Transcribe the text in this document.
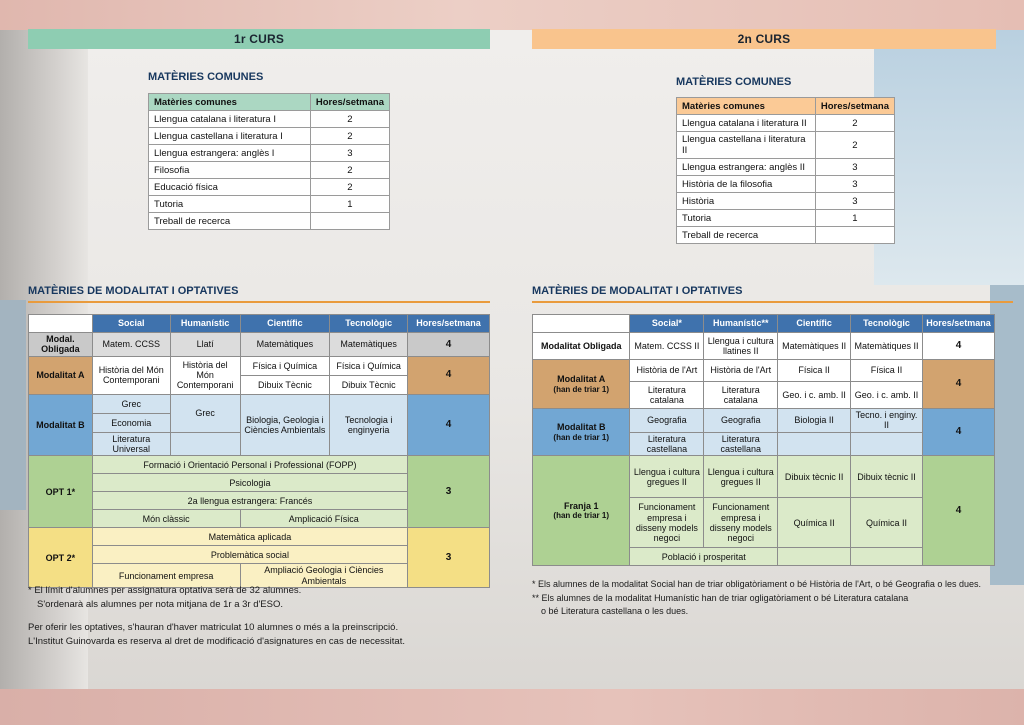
1r CURS	2n CURS
MATÈRIES COMUNES
Matèries comunes	Hores/setmana
Llengua catalana i literatura I	2
Llengua castellana i literatura I	2
Llengua estrangera: anglès I	3
Filosofia	2
Educació física	2
Tutoria	1
Treball de recerca	
MATÈRIES DE MODALITAT I OPTATIVES
	Social	Humanístic	Científic	Tecnològic	Hores/setmana
Modal. Obligada	Matem. CCSS	Llatí	Matemàtiques	Matemàtiques	4
Modalitat A	Història del Món Contemporani	Història del Món Contemporani	Física i Química	Física i Química	4
			Dibuix Tècnic	Dibuix Tècnic	
Modalitat B	Grec	Grec	Biologia, Geologia i Ciències Ambientals	Tecnologia i enginyeria	4
	Economia				
	Literatura Universal				
OPT 1*	Formació i Orientació Personal i Professional (FOPP)				3
	Psicologia				
	2a llengua estrangera: Francés				
	Món clàssic		Amplicació Física		
OPT 2*	Matemàtica aplicada				3
	Problemàtica social				
	Funcionament empresa		Ampliació Geologia i Ciències Ambientals		

* El límit d'alumnes per assignatura optativa serà de 32 alumnes.

S'ordenarà als alumnes per nota mitjana de 1r a 3r d'ESO.

Per oferir les optatives, s'hauran d'haver matriculat 10 alumnes o més a la preinscripció.

L'Institut Guinovarda es reserva al dret de modificació d'asignatures en cas de necessitat.

MATÈRIES COMUNES
Matèries comunes	Hores/setmana
Llengua catalana i literatura II	2
Llengua castellana i literatura II	2
Llengua estrangera: anglès II	3
Història de la filosofia	3
Història	3
Tutoria	1
Treball de recerca	
MATÈRIES DE MODALITAT I OPTATIVES
	Social*	Humanístic**	Científic	Tecnològic	Hores/setmana
Modalitat Obligada	Matem. CCSS II	Llengua i cultura llatines II	Matemàtiques II	Matemàtiques II	4

Modalitat A
(han de triar 1)	Història de l'Art	Història de l'Art	Física II	Física II	4
	Literatura catalana	Literatura catalana	Geo. i c. amb. II	Geo. i c. amb. II	

Modalitat B
(han de triar 1)	Geografia	Geografia	Biologia II	Tecno. i enginy. II	4
	Literatura castellana	Literatura castellana			

Franja 1
(han de triar 1)	Llengua i cultura gregues II	Llengua i cultura gregues II	Dibuix tècnic II	Dibuix tècnic II	4
	Funcionament empresa i disseny models negoci	Funcionament empresa i disseny models negoci	Química II	Química II	
	Població i prosperitat				

* Els alumnes de la modalitat Social han de triar obligatòriament o bé Història de l'Art, o bé Geografia o les dues.

** Els alumnes de la modalitat Humanístic han de triar ogligatòriament o bé Literatura catalana

o bé Literatura castellana o les dues.
